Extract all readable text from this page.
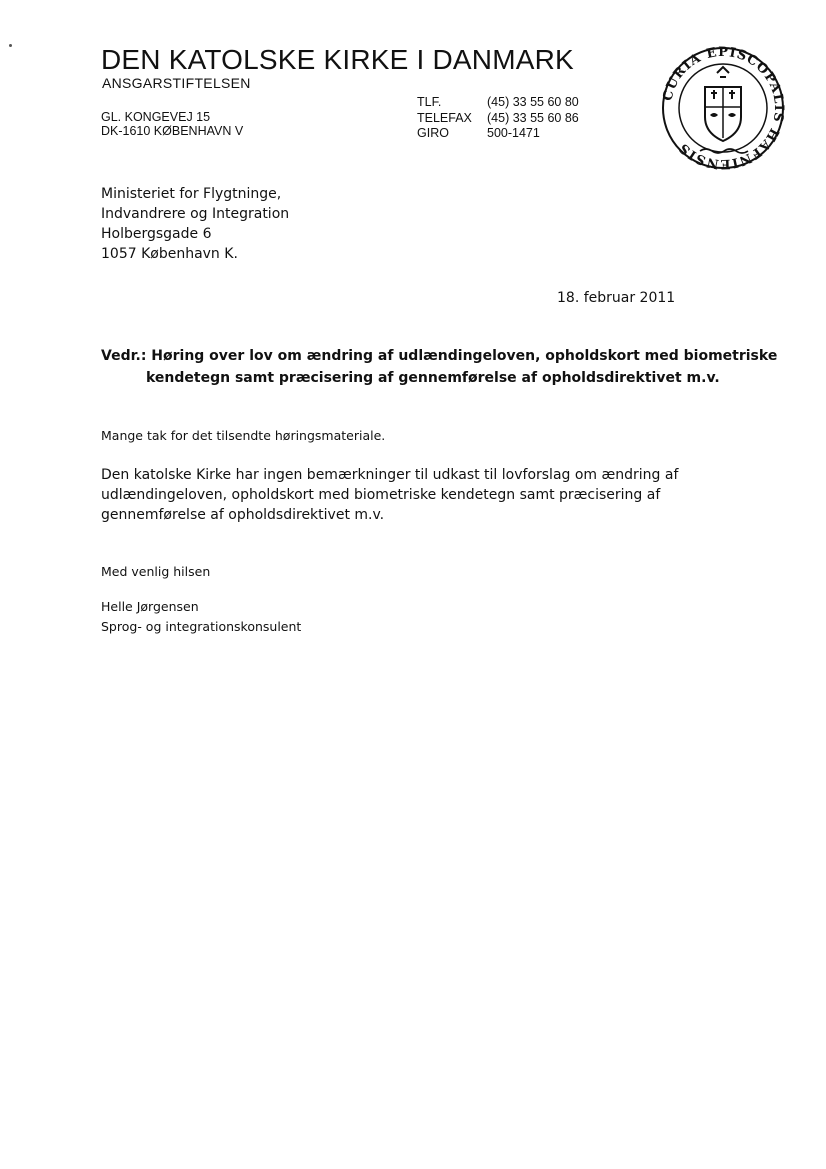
DEN KATOLSKE KIRKE I DANMARK
ANSGARSTIFTELSEN
GL. KONGEVEJ 15
DK-1610 KØBENHAVN V
TLF.	(45) 33 55 60 80
TELEFAX (45) 33 55 60 86
GIRO	500-1471
CURIA EPISCOPALIS HAFNIENSIS
Ministeriet for Flygtninge,
Indvandrere og Integration
Holbergsgade 6
1057 København K.
18. februar 2011
Vedr.: Høring over lov om ændring af udlændingeloven, opholdskort med biometriske
kendetegn samt præcisering af gennemførelse af opholdsdirektivet m.v.
Mange tak for det tilsendte høringsmateriale.
Den katolske Kirke har ingen bemærkninger til udkast til lovforslag om ændring af
udlændingeloven, opholdskort med biometriske kendetegn samt præcisering af
gennemførelse af opholdsdirektivet m.v.
Med venlig hilsen
Helle Jørgensen
Sprog- og integrationskonsulent
